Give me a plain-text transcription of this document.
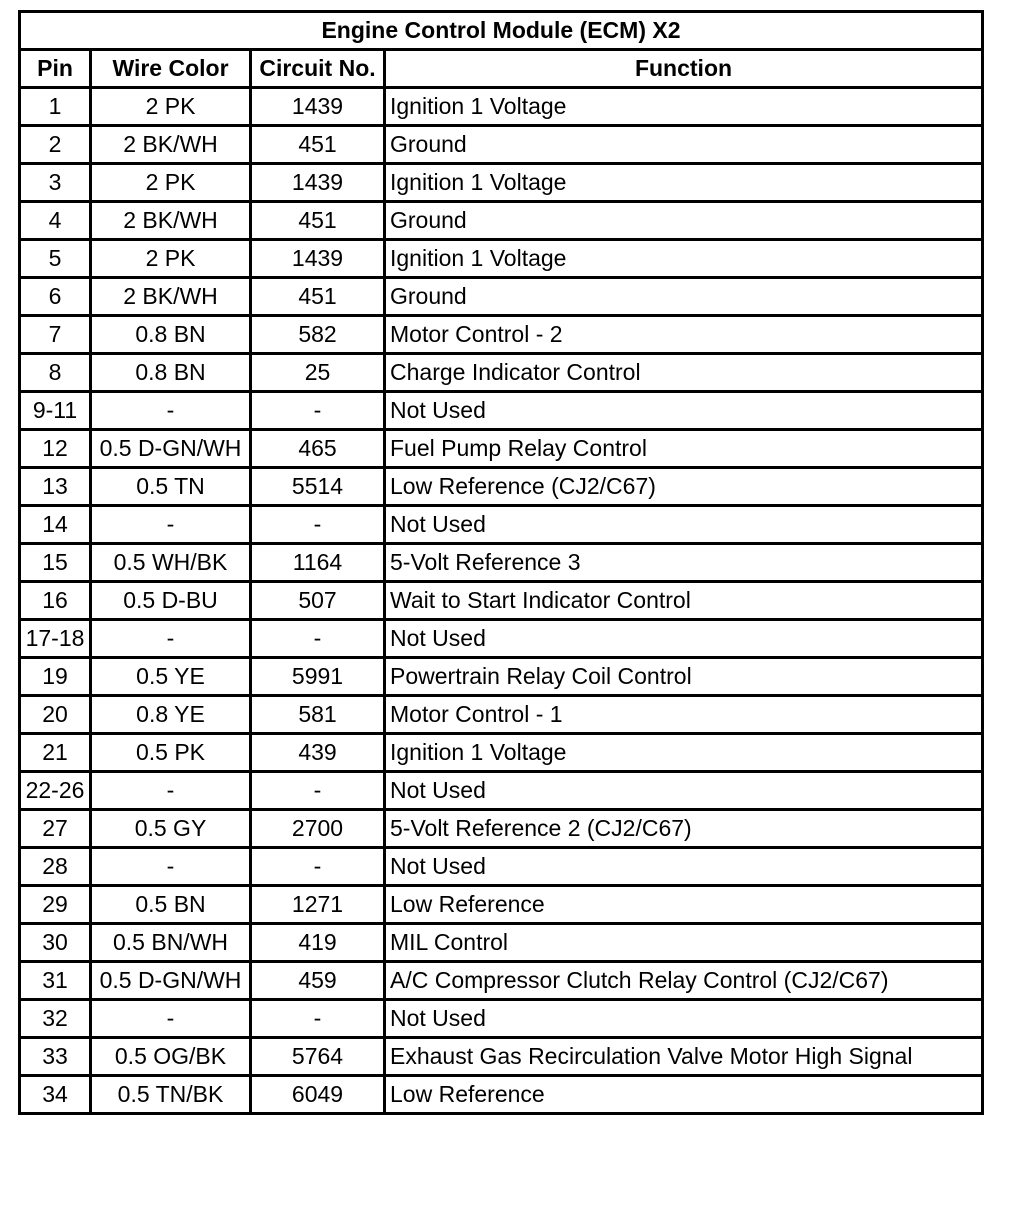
Engine Control Module (ECM) X2			
Pin	Wire Color	Circuit No.	Function
1	2 PK	1439	Ignition 1 Voltage
2	2 BK/WH	451	Ground
3	2 PK	1439	Ignition 1 Voltage
4	2 BK/WH	451	Ground
5	2 PK	1439	Ignition 1 Voltage
6	2 BK/WH	451	Ground
7	0.8 BN	582	Motor Control - 2
8	0.8 BN	25	Charge Indicator Control
9-11	-	-	Not Used
12	0.5 D-GN/WH	465	Fuel Pump Relay Control
13	0.5 TN	5514	Low Reference (CJ2/C67)
14	-	-	Not Used
15	0.5 WH/BK	1164	5-Volt Reference 3
16	0.5 D-BU	507	Wait to Start Indicator Control
17-18	-	-	Not Used
19	0.5 YE	5991	Powertrain Relay Coil Control
20	0.8 YE	581	Motor Control - 1
21	0.5 PK	439	Ignition 1 Voltage
22-26	-	-	Not Used
27	0.5 GY	2700	5-Volt Reference 2 (CJ2/C67)
28	-	-	Not Used
29	0.5 BN	1271	Low Reference
30	0.5 BN/WH	419	MIL Control
31	0.5 D-GN/WH	459	A/C Compressor Clutch Relay Control (CJ2/C67)
32	-	-	Not Used
33	0.5 OG/BK	5764	Exhaust Gas Recirculation Valve Motor High Signal
34	0.5 TN/BK	6049	Low Reference
